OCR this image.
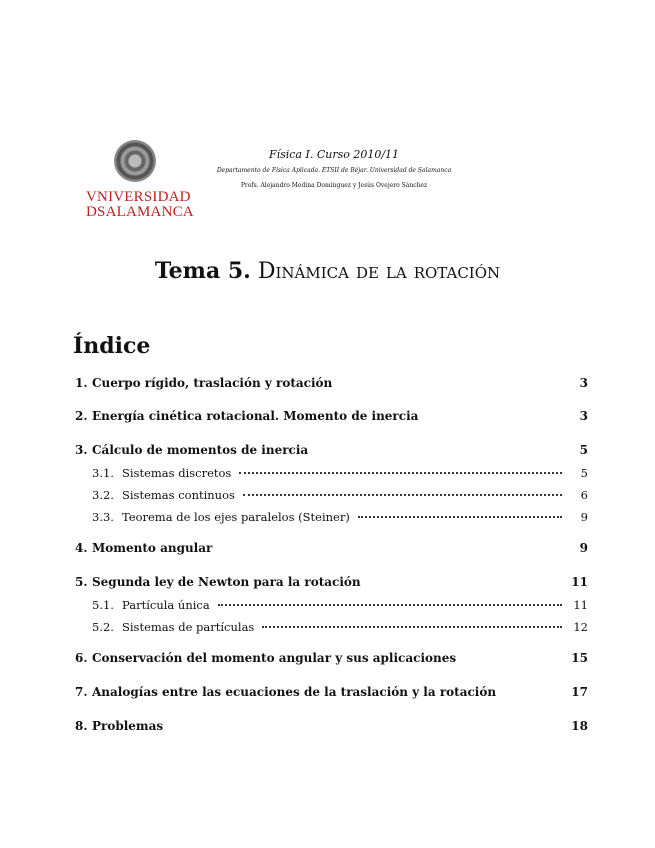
VNIVERSIDAD
DSALAMANCA
Física I. Curso 2010/11
Departamento de Física Aplicada. ETSII de Béjar. Universidad de Salamanca
Profs. Alejandro Medina Domínguez y Jesús Ovejero Sánchez
Tema 5. Dinámica de la rotación
Índice
1. Cuerpo rígido, traslación y rotación	3
2. Energía cinética rotacional. Momento de inercia	3
3. Cálculo de momentos de inercia	5
3.1. Sistemas discretos	5
3.2. Sistemas continuos	6
3.3. Teorema de los ejes paralelos (Steiner)	9
4. Momento angular	9
5. Segunda ley de Newton para la rotación	11
5.1. Partícula única	11
5.2. Sistemas de partículas	12
6. Conservación del momento angular y sus aplicaciones	15
7. Analogías entre las ecuaciones de la traslación y la rotación	17
8. Problemas	18
